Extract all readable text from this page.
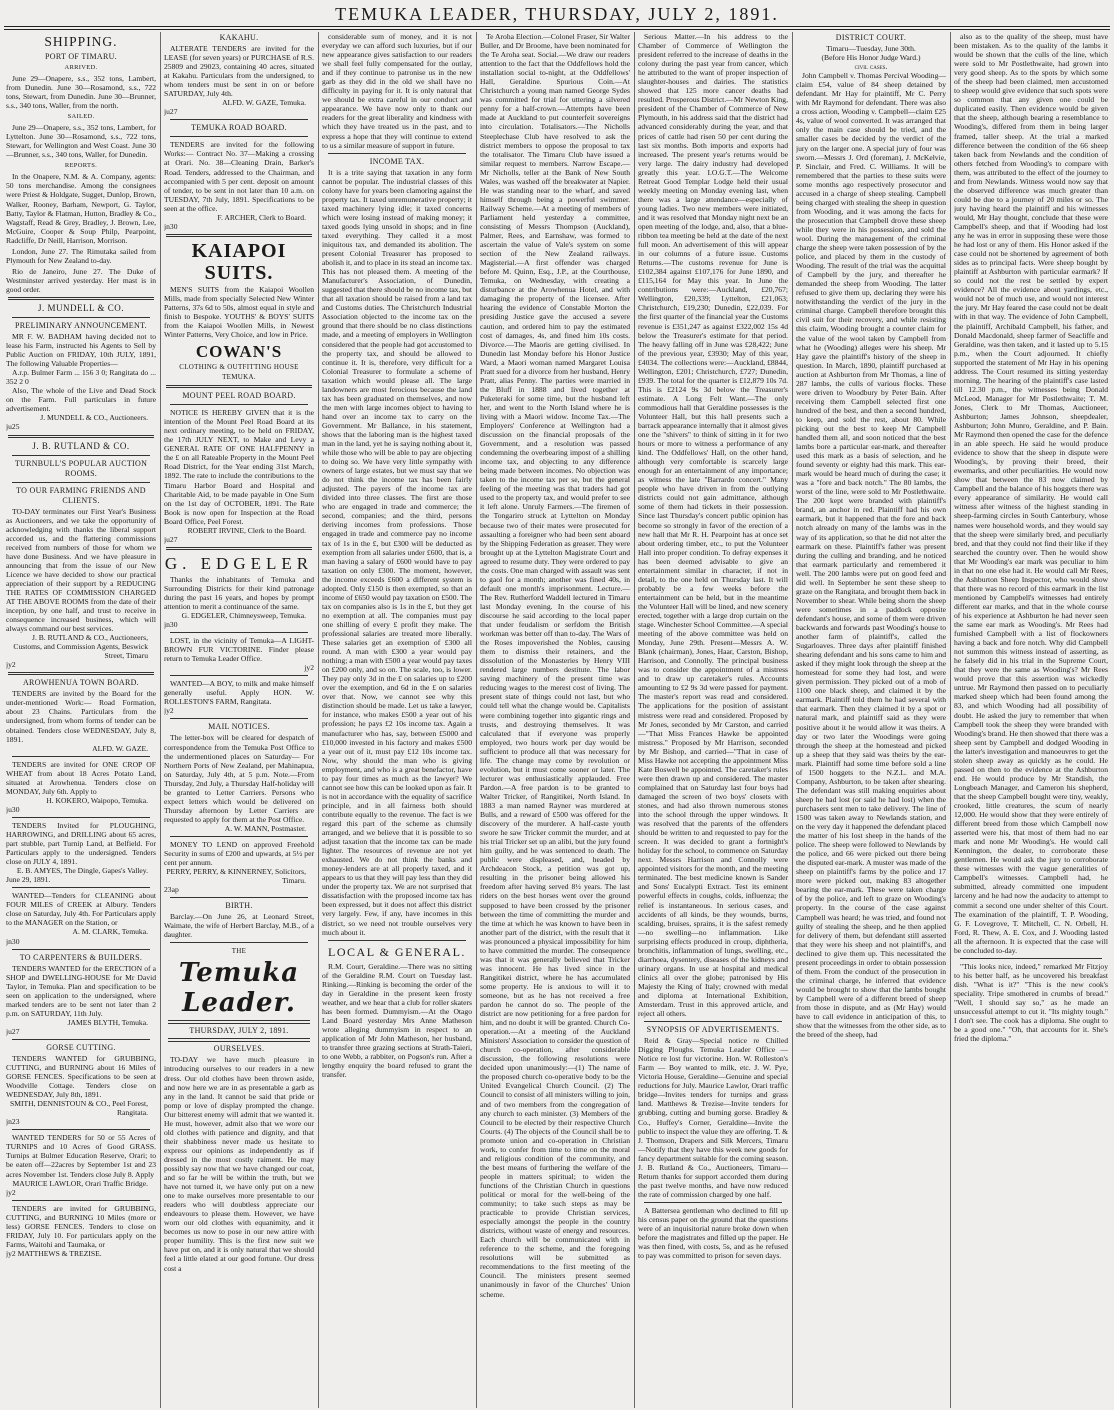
TEMUKA LEADER, THURSDAY, JULY 2, 1891.
SHIPPING.
PORT OF TIMARU.
ARRIVED.

June 29—Onapere, s.s., 352 tons, Lambert, from Dunedin. June 30—Rosamond, s.s., 722 tons, Stewart, from Dunedin. June 30—Brunner, s.s., 340 tons, Waller, from the north.

SAILED.

June 29—Onapere, s.s., 352 tons, Lambert, for Lyttelton. June 30—Rosamond, s.s., 722 tons, Stewart, for Wellington and West Coast. June 30—Brunner, s.s., 340 tons, Waller, for Dunedin.

REPORTS.

In the Onapere, N.M. & A. Company, agents: 50 tons merchandise. Among the consignees were Priest & Holdgate, Sugget, Dunlop, Brown, Walker, Rooney, Barham, Newport, G. Taylor, Batty, Taylor & Flatman, Hutton, Bradley & Co., Wagstaff, Read & Grey, Bradley, J. Brown, Lee, McGuire, Cooper & Soup Philp, Pearpoint, Radcliffe, Dr Neill, Harrison, Morrison.

London, June 27. The Rimutaka sailed from Plymouth for New Zealand to-day.

Rio de Janeiro, June 27. The Duke of Westminster arrived yesterday. Her mast is in good order.

J. MUNDELL & CO.
PRELIMINARY ANNOUNCEMENT.

MR F. W. BADHAM having decided not to lease his Farm, instructed his Agents to Sell by Public Auction on FRIDAY, 10th JULY, 1891, The following Valuable Properties—

A.r.p. Bulmer Farm ... 156 3 0; Rangitata do ... 352 2 0

Also, The whole of the Live and Dead Stock on the Farm. Full particulars in future advertisement.

J. MUNDELL & CO., Auctioneers.
ju25
J. B. RUTLAND & CO.
TURNBULL'S POPULAR AUCTION ROOMS.
TO OUR FARMING FRIENDS AND CLIENTS.

TO-DAY terminates our First Year's Business as Auctioneers, and we take the opportunity of acknowledging with thanks the liberal support accorded us, and the flattering commissions received from numbers of those for whom we have done Business. And we have pleasure in announcing that from the issue of our New Licence we have decided to show our practical appreciation of their support by a REDUCING THE RATES OF COMMISSION CHARGED AT THE ABOVE ROOMS from the date of their inception, by one half, and trust to receive in consequence increased business, which will always command our best services.

J. B. RUTLAND & CO., Auctioneers, Customs, and Commission Agents, Beswick Street, Timaru
jy2
AROWHENUA TOWN BOARD.

TENDERS are invited by the Board for the under-mentioned Work:— Road Formation, about 23 Chains. Particulars from the undersigned, from whom forms of tender can be obtained. Tenders close WEDNESDAY, July 8, 1891.

ALFD. W. GAZE.

TENDERS are invited for ONE CROP OF WHEAT from about 18 Acres Potato Land, situated at Arowhenua. Tenders close on MONDAY, July 6th. Apply to

H. KOKERO, Waipopo, Temuka.
ju30

TENDERS Invited for PLOUGHING, HARROWING, and DRILLING about 65 acres, part stubble, part Turnip Land, at Belfield. For Particulars apply to the undersigned. Tenders close on JULY 4, 1891.

E. B. AMYES, The Dingle, Gapes's Valley.
June 29, 1891.

WANTED—Tenders for CLEANING about FOUR MILES of CREEK at Albury. Tenders close on Saturday, July 4th. For Particulars apply to the MANAGER on the Station, or

A. M. CLARK, Temuka.
jn30
TO CARPENTERS & BUILDERS.

TENDERS WANTED for the ERECTION of a SHOP and DWELLING-HOUSE for Mr David Taylor, in Temuka. Plan and specification to be seen on application to the undersigned, where marked tenders are to be sent not later than 2 p.m. on SATURDAY, 11th July.

JAMES BLYTH, Temuka.
ju27
GORSE CUTTING.

TENDERS WANTED for GRUBBING, CUTTING, and BURNING about 16 Miles of GORSE FENCES. Specifications to be seen at Woodville Cottage. Tenders close on WEDNESDAY, July 8th, 1891.

SMITH, DENNISTOUN & CO., Peel Forest, Rangitata.
jn23

WANTED TENDERS for 50 or 55 Acres of TURNIPS and 10 Acres of Good GRASS. Turnips at Bulmer Education Reserve, Orari; to be eaten off—22acres by September 1st and 23 acres November 1st. Tenders close July 8. Apply

MAURICE LAWLOR, Orari Traffic Bridge.
jy2

TENDERS are invited for GRUBBING, CUTTING, and BURNING 10 Miles (more or less) GORSE FENCES. Tenders to close on FRIDAY, July 10. For particulars apply on the Farms, Waitohi and Taumaka, or

jy2 MATTHEWS & TREZISE.
KAKAHU.

ALTERATE TENDERS are invited for the LEASE (for seven years) or PURCHASE of R.S. 25809 and 29023, containing 40 acres, situated at Kakahu. Particulars from the undersigned, to whom tenders must be sent in on or before SATURDAY, July 4th.

ALFD. W. GAZE, Temuka.
ju27
TEMUKA ROAD BOARD.

TENDERS are invited for the following Works:— Contract No. 37—Making a crossing at Orari. No. 38—Cleaning Drain, Barker's Road. Tenders, addressed to the Chairman, and accompanied with 5 per cent. deposit on amount of tender, to be sent in not later than 10 a.m. on TUESDAY, 7th July, 1891. Specifications to be seen at the office.

F. ARCHER, Clerk to Board.
jn30
KAIAPOI SUITS.

MEN'S SUITS from the Kaiapoi Woollen Mills, made from specially Selected New Winter Patterns, 37s 6d to 50s, almost equal in style and finish to Bespoke. YOUTHS' & BOYS' SUITS from the Kaiapoi Woollen Mills, in Newest Winter Patterns, Very Choice, and low in Price.

COWAN'S
CLOTHING & OUTFITTING HOUSE TEMUKA.
MOUNT PEEL ROAD BOARD.

NOTICE IS HEREBY GIVEN that it is the intention of the Mount Peel Road Board at its next ordinary meeting, to be held on FRIDAY, the 17th JULY NEXT, to Make and Levy a GENERAL RATE OF ONE HALFPENNY in the £ on all Rateable Property in the Mount Peel Road District, for the Year ending 31st March, 1892. The rate to include the contributions to the Timaru Harbor Board and Hospital and Charitable Aid, to be made payable in One Sum on the 1st day of OCTOBER, 1891. The Rate Book is now open for Inspection at the Road Board Office, Peel Forest.

ROBERT IRVINE, Clerk to the Board.
ju27
G. EDGELER

Thanks the inhabitants of Temuka and Surrounding Districts for their kind patronage during the past 16 years, and hopes by prompt attention to merit a continuance of the same.

G. EDGELER, Chimneysweep, Temuka.
jn30

LOST, in the vicinity of Temuka—A LIGHT-BROWN FUR VICTORINE. Finder please return to Temuka Leader Office.

jy2

WANTED—A BOY, to milk and make himself generally useful. Apply HON. W. ROLLESTON'S FARM, Rangitata.

jy2
MAIL NOTICES.

The letter-box will be cleared for despatch of correspondence from the Temuka Post Office to the undermentioned places on Saturday— For Northern Ports of New Zealand, per Mahinapua, on Saturday, July 4th, at 5 p.m. Note.—From Thursday, 2nd July, a Thursday Half-holiday will be granted to Letter Carriers. Persons who expect letters which would be delivered on Thursday afternoon by Letter Carriers are requested to apply for them at the Post Office.

A. W. MANN, Postmaster.

MONEY TO LEND on approved Freehold Security in sums of £200 and upwards, at 5½ per cent per annum.

PERRY, PERRY, & KINNERNEY, Solicitors, Timaru.
23ap
BIRTH.

Barclay.—On June 26, at Leonard Street, Waimate, the wife of Herbert Barclay, M.B., of a daughter.

THE
Temuka Leader.
THURSDAY, JULY 2, 1891.
OURSELVES.

TO-DAY we have much pleasure in introducing ourselves to our readers in a new dress. Our old clothes have been thrown aside, and now here we are in as presentable a garb as any in the land. It cannot be said that pride or pomp or love of display prompted the change. Our bitterest enemy will admit that we wanted it. He must, however, admit also that we wore our old clothes with patience and dignity, and that their shabbiness never made us hesitate to express our opinions as independently as if dressed in the most costly raiment. He may possibly say now that we have changed our coat, and so far he will be within the truth, but we have not turned it, we have only put on a new one to make ourselves more presentable to our readers who will doubtless appreciate our endeavours to please them. However, we have worn our old clothes with equanimity, and it becomes us now to pose in our new attire with proper humility. This is the first new suit we have put on, and it is only natural that we should feel a little elated at our good fortune. Our dress cost a

considerable sum of money, and it is not everyday we can afford such luxuries, but if our new appearance gives satisfaction to our readers we shall feel fully compensated for the outlay, and if they continue to patronise us in the new garb as they did in the old we shall have no difficulty in paying for it. It is only natural that we should be extra careful in our conduct and appearance. We have now only to thank our readers for the great liberality and kindness with which they have treated us in the past, and to express a hope that they will continue to extend to us a similar measure of support in future.

INCOME TAX.

It is a trite saying that taxation in any form cannot be popular. The industrial classes of this colony have for years been clamoring against the property tax. It taxed unremunerative property; it taxed machinery lying idle; it taxed concerns which were losing instead of making money; it taxed goods lying unsold in shops; and in fine taxed everything. They called it a most iniquitous tax, and demanded its abolition. The present Colonial Treasurer has proposed to abolish it, and to place in its stead an income tax. This has not pleased them. A meeting of the Manufacturer's Association, of Dunedin, suggested that there should be no income tax, but that all taxation should be raised from a land tax and Customs duties. The Christchurch Industrial Association objected to the income tax on the ground that there should be no class distinctions made, and a meeting of employers in Wellington considered that the people had got accustomed to the property tax, and should be allowed to continue it. It is, therefore, very difficult for a Colonial Treasurer to formulate a scheme of taxation which would please all. The large landowners are most ferocious because the land tax has been graduated on themselves, and now the men with large incomes object to having to hand over an income tax to carry on the Government. Mr Ballance, in his statement, shows that the laboring man is the highest taxed man in the land, yet he is saying nothing about it, while those who will be able to pay are objecting to doing so. We have very little sympathy with owners of large estates, but we must say that we do not think the income tax has been fairly adjusted. The payers of the income tax are divided into three classes. The first are those who are engaged in trade and commerce; the second, companies; and the third, persons deriving incomes from professions. Those engaged in trade and commerce pay no income tax of 1s in the £, but £300 will be deducted as exemption from all salaries under £600, that is, a man having a salary of £600 would have to pay taxation on only £300. The moment, however, the income exceeds £600 a different system is adopted. Only £150 is then exempted, so that an income of £650 would pay taxation on £500. The tax on companies also is 1s in the £, but they get no exemption at all. The companies must pay one shilling of every £ profit they make. The professional salaries are treated more liberally. These salaries get an exemption of £300 all round. A man with £300 a year would pay nothing; a man with £500 a year would pay taxes on £200 only, and so on. The scale, too, is lower. They pay only 3d in the £ on salaries up to £200 over the exemption, and 6d in the £ on salaries over that. Now, we cannot see why this distinction should be made. Let us take a lawyer, for instance, who makes £500 a year out of his profession; he pays £2 10s income tax. Again a manufacturer who has, say, between £5000 and £10,000 invested in his factory and makes £500 a year out of it, must pay £12 10s income tax. Now, why should the man who is giving employment, and who is a great benefactor, have to pay four times as much as the lawyer? We cannot see how this can be looked upon as fair. It is not in accordance with the equality of sacrifice principle, and in all fairness both should contribute equally to the revenue. The fact is we regard this part of the scheme as clumsily arranged, and we believe that it is possible to so adjust taxation that the income tax can be made lighter. The resources of revenue are not yet exhausted. We do not think the banks and money-lenders are at all properly taxed, and it appears to us that they will pay less than they did under the property tax. We are not surprised that dissatisfaction with the proposed income tax has been expressed, but it does not affect this district very largely. Few, if any, have incomes in this district, so we need not trouble ourselves very much about it.

LOCAL & GENERAL.

R.M. Court, Geraldine.—There was no sitting of the Geraldine R.M. Court on Tuesday last. Rinking.—Rinking is becoming the order of the day in Geraldine in the present keen frosty weather, and we hear that a club for roller skaters has been formed. Dummyism.—At the Otago Land Board yesterday Mrs Anne Matheson wrote alleging dummyism in respect to an application of Mr John Matheson, her husband, to transfer three grazing sections at Strath-Taieri, to one Webb, a rabbiter, on Pogson's run. After a lengthy enquiry the board refused to grant the transfer.

Te Aroha Election.—Colonel Fraser, Sir Walter Buller, and Dr Broome, have been nominated for the Te Aroha seat. Social.—We draw our readers attention to the fact that the Oddfellows hold the installation social to-night, at the Oddfellows' Hall, Geraldine. Spurious Coin.—At Christchurch a young man named George Sydes was committed for trial for uttering a silvered penny for a half-crown.—Attempts have been made at Auckland to put counterfeit sovereigns into circulation. Totalisators.—The Nicholls Steeplechase Club have resolved to ask the district members to oppose the proposal to tax the totalisator. The Timaru Club have issued a similar request to members. Narrow Escape.—Mr Nicholls, teller at the Bank of New South Wales, was washed off the breakwater at Napier. He was standing near to the wharf, and saved himself through being a powerful swimmer. Railway Scheme.—At a meeting of members of Parliament held yesterday a committee, consisting of Messrs Thompson (Auckland), Palmer, Rees, and Earnshaw, was formed to ascertain the value of Vale's system on some section of the New Zealand railways. Magisterial.—A first offender was charged before M. Quinn, Esq., J.P., at the Courthouse, Temuka, on Wednesday, with creating a disturbance at the Arowhenua Hotel, and with damaging the property of the licensee. After hearing the evidence of Constable Morton the presiding Justice gave the accused a severe caution, and ordered him to pay the estimated cost of damages, 4s, and fined him 10s costs. Divorce.—The Maoris are getting civilised. In Dunedin last Monday before his Honor Justice Ward, a Maori woman named Margaret Louisa Pratt sued for a divorce from her husband, Henry Pratt, alias Penny. The parties were married in the Bluff in 1888 and lived together at Puketeraki for some time, but the husband left her, and went to the North Island where he is living with a Maori widow. Income Tax.—The Employers' Conference at Wellington had a discussion on the financial proposals of the Government, and a resolution was passed condemning the overbearing impost of a shilling income tax, and objecting to any difference being made between incomes. No objection was taken to the income tax per se, but the general feeling of the meeting was that traders had got used to the property tax, and would prefer to see it left alone. Unruly Farmers.—The firemen of the Tongariro struck at Lyttelton on Monday because two of their mates were prosecuted for assaulting a foreigner who had been sent aboard by the Shipping Federation as greaser. They were brought up at the Lyttelton Magistrate Court and agreed to resume duty. They were ordered to pay the costs. One man charged with assault was sent to gaol for a month; another was fined 40s, in default one month's imprisonment. Lecture.—The Rev. Rutherford Waddell lectured in Timaru last Monday evening. In the course of his discourse he said according to the local paper that under feudalism or serfdom the British workman was better off than to-day. The Wars of the Roses impoverished the Nobles, causing them to dismiss their retainers, and the dissolution of the Monasteries by Henry VIII rendered large numbers destitute. The labor saving machinery of the present time was reducing wages to the merest cost of living. The present state of things could not last, but who could tell what the change would be. Capitalists were combining together into gigantic rings and trusts, and destroying themselves. It was calculated that if everyone was properly employed, two hours work per day would be sufficient to produce all that was necessary for life. The change may come by revolution or evolution, but it must come sooner or later. The lecturer was enthusiastically applauded. Free Pardon.—A free pardon is to be granted to Walter Tricker, of Rangitikei, North Island. In 1883 a man named Rayner was murdered at Bulls, and a reward of £500 was offered for the discovery of the murderer. A half-caste youth swore he saw Tricker commit the murder, and at his trial Tricker set up an alibi, but the jury found him guilty, and he was sentenced to death. The public were displeased, and, headed by Archdeacon Stock, a petition was got up, resulting in the prisoner being allowed his freedom after having served 8½ years. The last riders on the best horses went over the ground supposed to have been crossed by the prisoner between the time of committing the murder and the time at which he was known to have been in another part of the district, with the result that it was pronounced a physical impossibility for him to have committed the murder. The consequence was that it was generally believed that Tricker was innocent. He has lived since in the Rangitikei district, where he has accumulated some property. He is anxious to will it to someone, but as he has not received a free pardon he cannot do so. The people of the district are now petitioning for a free pardon for him, and no doubt it will be granted. Church Co-operation.—At a meeting of the Auckland Ministers' Association to consider the question of church co-operation, after considerable discussion, the following resolutions were decided upon unanimously:—(1) The name of the proposed church co-operative body to be the United Evangelical Church Council. (2) The Council to consist of all ministers willing to join, and of two members from the congregation of any church to each minister. (3) Members of the Council to be elected by their respective Church Courts. (4) The objects of the Council shall be to promote union and co-operation in Christian work, to confer from time to time on the moral and religious condition of the community, and the best means of furthering the welfare of the people in matters spiritual; to widen the functions of the Christian Church in questions political or moral for the well-being of the community; to take such steps as may be practicable to provide Christian services, especially amongst the people in the country districts, without waste of energy and resources. Each church will be communicated with in reference to the scheme, and the foregoing resolutions will be submitted as recommendations to the first meeting of the Council. The ministers present seemed unanimously in favor of the Churches' Union scheme.

Serious Matter.—In his address to the Chamber of Commerce of Wellington the president referred to the increase of deaths in the colony during the past year from cancer, which he attributed to the want of proper inspection of slaughter-houses and dairies. The statistics showed that 125 more cancer deaths had resulted. Prosperous District.—Mr Newton King, president of the Chamber of Commerce of New Plymouth, in his address said that the district had advanced considerably during the year, and that prices of cattle had risen 50 per cent during the last six months. Both imports and exports had increased. The present year's returns would be very large. The dairy industry had developed greatly this year. I.O.G.T.—The Welcome Retreat Good Templar Lodge held their usual weekly meeting on Monday evening last, when there was a large attendance—especially of young ladies. Two new members were initiated, and it was resolved that Monday night next be an open meeting of the lodge, and, also, that a blue-ribbon tea meeting be held at the date of the next full moon. An advertisement of this will appear in our columns of a future issue. Customs Returns.—The customs revenue for June is £102,384 against £107,176 for June 1890, and £115,164 for May this year. In June the contributions were:—Auckland, £20,767; Wellington, £20,339; Lyttelton, £21,063; Christchurch, £19,230; Dunedin, £22,039. For the first quarter of the financial year the Customs revenue is £351,247 as against £322,002 15s 4d below the Treasurer's estimate for that period. The heavy falling off in June was £28,422; June of the previous year, £3930; May of this year, £4034. The collections were:—Auckland, £8844, Wellington, £201; Christchurch, £727; Dunedin, £939. The total for the quarter is £12,879 10s 7d. This is £2124 9s 3d below the Treasurer's estimate. A Long Felt Want.—The only commodious hall that Geraldine possesses is the Volunteer Hall, but this hall presents such a barrack appearance internally that it almost gives one the "shivers" to think of sitting in it for two hours or more to witness a performance of any kind. The Oddfellows' Hall, on the other hand, although very comfortable is scarcely large enough for an entertainment of any importance; as witness the late "Barrardo concert." Many people who have driven in from the outlying districts could not gain admittance, although some of them had tickets in their possession. Since last Thursday's concert public opinion has become so strongly in favor of the erection of a new hall that Mr R. H. Pearpoint has at once set about ordering timber, etc., to put the Volunteer Hall into proper condition. To defray expenses it has been deemed advisable to give an entertainment similar in character, if not in detail, to the one held on Thursday last. It will probably be a few weeks before the entertainment can be held, but in the meantime the Volunteer Hall will be lined, and new scenery erected, together with a large drop curtain on the stage. Winchester School Committee.—A special meeting of the above committee was held on Monday, June 29th. Present—Messrs A. W. Blank (chairman), Jones, Haar, Carston, Bishop, Harrison, and Connolly. The principal business was to consider the appointment of a mistress and to draw up caretaker's rules. Accounts amounting to £2 9s 3d were passed for payment. The master's report was read and considered. The applications for the position of assistant mistress were read and considered. Proposed by Mr Jones, seconded by Mr Carston, and carried—"That Miss Frances Hawke be appointed mistress." Proposed by Mr Harrison, seconded by Mr Bishop, and carried—"That in case of Miss Hawke not accepting the appointment Miss Kate Boswell be appointed. The caretaker's rules were then drawn up and considered. The master complained that on Saturday last four boys had damaged the screen of two boys' closets with stones, and had also thrown numerous stones into the school through the upper windows. It was resolved that the parents of the offenders should be written to and requested to pay for the screen. It was decided to grant a fortnight's holiday for the school, to commence on Saturday next. Messrs Harrison and Connolly were appointed visitors for the month, and the meeting terminated. The best medicine known is Sander and Sons' Eucalypti Extract. Test its eminent powerful effects in coughs, colds, influenza; the relief is instantaneous. In serious cases, and accidents of all kinds, be they wounds, burns, scalding, bruises, sprains, it is the safest remedy—no swelling—no inflammation. Like surprising effects produced in croup, diphtheria, bronchitis, inflammation of lungs, swelling, etc., diarrhoea, dysentery, diseases of the kidneys and urinary organs. In use at hospital and medical clinics all over the globe; patronised by His Majesty the King of Italy; crowned with medal and diploma at International Exhibition, Amsterdam. Trust in this approved article, and reject all others.

SYNOPSIS OF ADVERTISEMENTS.

Reid & Gray—Special notice re Chilled Digging Ploughs. Temuka Leader Office — Notice re lost fur victorine. Hon. W. Rolleston's Farm — Boy wanted to milk, etc. J. W. Pye, Victoria House, Geraldine—Genuine and special reductions for July. Maurice Lawlor, Orari traffic bridge—Invites tenders for turnips and grass land. Matthews & Trezise—Invite tenders for grubbing, cutting and burning gorse. Bradley & Co., Huffey's Corner, Geraldine—Invite the public to inspect the value they are offering. T. & J. Thomson, Drapers and Silk Mercers, Timaru—Notify that they have this week new goods for fancy department suitable for the coming season. J. B. Rutland & Co., Auctioneers, Timaru—Return thanks for support accorded them during the past twelve months, and have now reduced the rate of commission charged by one half.

A Battersea gentleman who declined to fill up his census paper on the ground that the questions were of an inquisitorial nature broke down when before the magistrates and filled up the paper. He was then fined, with costs, 5s, and as he refused to pay was committed to prison for seven days.

DISTRICT COURT.
Timaru—Tuesday, June 30th.
(Before His Honor Judge Ward.)
civil cases.

John Campbell v. Thomas Percival Wooding—claim £54, value of 84 sheep detained by defendant. Mr Hay for plaintiff, Mr C. Perry with Mr Raymond for defendant. There was also a cross action, Wooding v. Campbell—claim £25 4s, value of wool converted. It was arranged that only the main case should be tried, and the smaller cases be decided by the verdict of the jury on the larger one. A special jury of four was sworn.—Messrs J. Ord (foreman), J. McKelvie, P. Sinclair, and Fred. C. Williams. It will be remembered that the parties to these suits were some months ago respectively prosecutor and accused in a charge of sheep stealing. Campbell being charged with stealing the sheep in question from Wooding, and it was among the facts for the prosecution that Campbell drove these sheep while they were in his possession, and sold the wool. During the management of the criminal charge the sheep were taken possession of by the police, and placed by them in the custody of Wooding. The result of the trial was the acquittal of Campbell by the jury, and thereafter he demanded the sheep from Wooding. The latter refused to give them up, declaring they were his notwithstanding the verdict of the jury in the criminal charge. Campbell therefore brought this civil suit for their recovery, and while resisting this claim, Wooding brought a counter claim for the value of the wool taken by Campbell from what he (Wooding) alleges were his sheep. Mr Hay gave the plaintiff's history of the sheep in question. In March, 1890, plaintiff purchased at auction at Ashburton from Mr Thomas, a line of 287 lambs, the culls of various flocks. These were driven to Woodbury by Peter Bain. After receiving them Campbell selected first one hundred of the best, and then a second hundred, to keep, and sold the rest, about 80. While picking out the best to keep Mr Campbell handled them all, and soon noticed that the best lambs bore a particular ear-mark, and thereafter used this mark as a basis of selection, and he found seventy or eighty had this mark. This ear-mark would be heard much of during the case; it was a "fore and back notch." The 80 lambs, the worst of the line, were sold to Mr Postlethwaite. The 200 kept were branded with plaintiff's brand, an anchor in red. Plaintiff had his own earmark, but it happened that the fore and back notch already on many of the lambs was in the way of its application, so that he did not alter the earmark on these. Plaintiff's father was present during the culling and branding, and he noticed that earmark particularly and remembered it well. The 200 lambs were put on good feed and did well. In September he sent these sheep to graze on the Rangitata, and brought them back in November to shear. While being shorn the sheep were sometimes in a paddock opposite defendant's house, and some of them were driven backwards and forwards past Wooding's house to another farm of plaintiff's, called the Sugarloaves. Three days after plaintiff finished shearing defendant and his sons came to him and asked if they might look through the sheep at the homestead for some they had lost, and were given permission. They picked out of a mob of 1100 one black sheep, and claimed it by the earmark. Plaintiff told them he had several with that earmark. Then they claimed it by a spot or natural mark, and plaintiff said as they were positive about it he would allow it was theirs. A day or two later the Woodings were going through the sheep at the homestead and picked up a sheep that they said was theirs by the ear-mark. Plaintiff had some time before sold a line of 1500 hoggets to the N.Z.L. and M.A. Company, Ashburton, to be taken after shearing. The defendant was still making enquiries about sheep he had lost (or said he had lost) when the purchasers sent men to take delivery. The line of 1500 was taken away to Newlands station, and on the very day it happened the defendant placed the matter of his lost sheep in the hands of the police. The sheep were followed to Newlands by the police, and 66 were picked out there being the disputed ear-mark. A muster was made of the sheep on plaintiff's farms by the police and 17 more were picked out, making 83 altogether bearing the ear-mark. These were taken charge of by the police, and left to graze on Wooding's property. In the course of the case against Campbell was heard; he was tried, and found not guilty of stealing the sheep, and he then applied for delivery of them, but defendant still asserted that they were his sheep and not plaintiff's, and declined to give them up. This necessitated the present proceedings in order to obtain possession of them. From the conduct of the prosecution in the criminal charge, he inferred that evidence would be brought to show that the lambs bought by Campbell were of a different breed of sheep from those in dispute, and as (Mr Hay) would have to call evidence in anticipation of this, to show that the witnesses from the other side, as to the breed of the sheep, had

also as to the quality of the sheep, must have been mistaken. As to the quality of the lambs it would be shown that the culls of the line, which were sold to Mr Postlethwaite, had grown into very good sheep. As to the spots by which some of the sheep had been claimed, men accustomed to sheep would give evidence that such spots were so common that any given one could be duplicated easily. Then evidence would be given that the sheep, although bearing a resemblance to Wooding's, differed from them in being larger framed, taller sheep. At the trial a marked difference between the condition of the 66 sheep taken back from Newlands and the condition of others fetched from Wooding's to compare with them, was attributed to the effect of the journey to and from Newlands. Witness would now say that the observed difference was much greater than could be due to a journey of 20 miles or so. The jury having heard the plaintiff and his witnesses would, Mr Hay thought, conclude that these were Campbell's sheep, and that if Wooding had lost any he was in error in supposing these were those he had lost or any of them. His Honor asked if the case could not be shortened by agreement of both sides as to principal facts. Were sheep bought by plaintiff at Ashburton with particular earmark? If so could not the rest be settled by expert evidence? All the evidence about yardings, etc., would not be of much use, and would not interest the jury. Mr Hay feared the case could not be dealt with in that way. The evidence of John Campbell, the plaintiff, Archibald Campbell, his father, and Donald Macdonald, sheep farmer of Seacliffe and Geraldine, was then taken, and it lasted up to 5.15 p.m., when the Court adjourned. It chiefly supported the statement of Mr Hay in his opening address. The Court resumed its sitting yesterday morning. The hearing of the plaintiff's case lasted till 12.30 p.m., the witnesses being Donald McLeod, Manager for Mr Postlethwaite; T. M. Jones, Clerk to Mr Thomas, Auctioneer, Ashburton; James Johnson, sheepdealer, Ashburton; John Munro, Geraldine, and P. Bain. Mr Raymond then opened the case for the defence in an able speech. He said he would produce evidence to show that the sheep in dispute were Wooding's, by proving their breed, their ewemarks, and other peculiarities. He would now show that between the 83 now claimed by Campbell and the balance of his hoggets there was every appearance of similarity. He would call witness after witness of the highest standing in sheep-farming circles in South Canterbury, whose names were household words, and they would say that the sheep were similarly bred, and peculiarly bred, and that they could not find their like if they searched the country over. Then he would show that Mr Wooding's ear mark was peculiar to him in that no one else had it. He would call Mr Rees, the Ashburton Sheep Inspector, who would show that there was no record of this earmark in the list mentioned by Campbell's witnesses had entirely different ear marks, and that in the whole course of his experience at Ashburton he had never seen the same ear mark as Wooding's. Mr Rees had furnished Campbell with a list of flockowners having a back and fore notch. Why did Campbell not summon this witness instead of asserting, as he falsely did in his trial in the Supreme Court, that they were the same as Wooding's? Mr Rees would prove that this assertion was wickedly untrue. Mr Raymond then passed on to peculiarly marked sheep which had been found among the 83, and which Wooding had all possibility of doubt. He asked the jury to remember that when Campbell took the sheep they were branded with Wooding's brand. He then showed that there was a sheep sent by Campbell and dodged Wooding in the latter's investigation and manoeuvres to get the stolen sheep away as quickly as he could. He passed on then to the evidence at the Ashburton end. He would produce by Mr Standish, the Longbeach Manager, and Cameron his shepherd, that the sheep Campbell bought were tiny, weakly, crooked, little creatures, the scum of nearly 12,000. He would show that they were entirely of different breed from those which Campbell now asserted were his, that most of them had no ear mark and none Mr Wooding's. He would call Kennington, the dealer, to corroborate these gentlemen. He would ask the jury to corroborate these witnesses with the vague generalities of Campbell's witnesses. Campbell had, he submitted, already committed one impudent larceny and he had now the audacity to attempt to commit a second one under shelter of this Court. The examination of the plaintiff, T. P. Wooding, G. F. Lovegrove, T. Mitchell, C. N. Orbell, H. Ford, R. Thew, A. E. Cox, and J. Wooding lasted all the afternoon. It is expected that the case will be concluded to-day.

"This looks nice, indeed," remarked Mr Fitzjoy to his better half, as he uncovered his breakfast dish. "What is it?" "This is the new cook's speciality. Tripe smothered in crumbs of bread." "Well, I should say so," as he made an unsuccessful attempt to cut it. "Its mighty tough." I don't see. The cook has a diploma. She ought to be a good one." "Oh, that accounts for it. She's fried the diploma."
